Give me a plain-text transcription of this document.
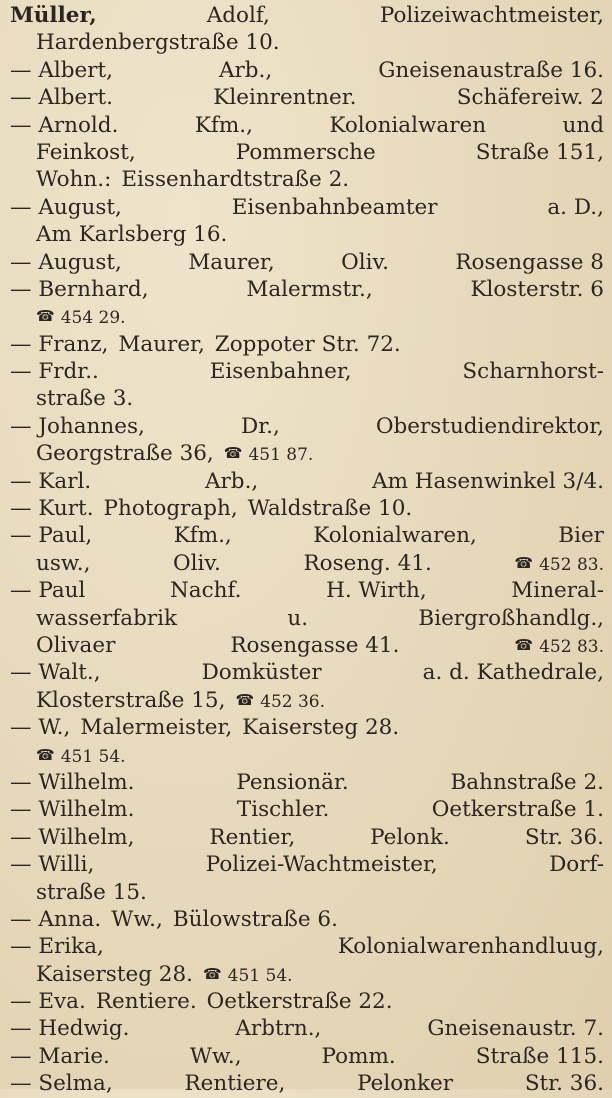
Müller,	Adolf,	Polizeiwachtmeister,
Hardenbergstraße 10.
— Albert,	Arb.,	Gneisenaustraße 16.
— Albert.	Kleinrentner.	Schäfereiw. 2
— Arnold.	Kfm.,	Kolonialwaren	und
Feinkost,	Pommersche	Straße 151,
Wohn.: Eissenhardtstraße 2.
— August,	Eisenbahnbeamter	a. D.,
Am Karlsberg 16.
— August,	Maurer,	Oliv.	Rosengasse 8
— Bernhard,	Malermstr.,	Klosterstr. 6
☎ 454 29.
— Franz, Maurer, Zoppoter Str. 72.
— Frdr..	Eisenbahner,	Scharnhorst-
straße 3.
— Johannes,	Dr.,	Oberstudiendirektor,
Georgstraße 36, ☎ 451 87.
— Karl.	Arb.,	Am Hasenwinkel 3/4.
— Kurt. Photograph, Waldstraße 10.
— Paul,	Kfm.,	Kolonialwaren,	Bier
usw.,	Oliv.	Roseng. 41.	☎ 452 83.
— Paul	Nachf.	H. Wirth,	Mineral-
wasserfabrik	u.	Biergroßhandlg.,
Olivaer	Rosengasse 41.	☎ 452 83.
— Walt.,	Domküster	a. d. Kathedrale,
Klosterstraße 15, ☎ 452 36.
— W., Malermeister, Kaisersteg 28.
☎ 451 54.
— Wilhelm.	Pensionär.	Bahnstraße 2.
— Wilhelm.	Tischler.	Oetkerstraße 1.
— Wilhelm,	Rentier,	Pelonk.	Str. 36.
— Willi,	Polizei-Wachtmeister,	Dorf-
straße 15.
— Anna. Ww., Bülowstraße 6.
— Erika,	Kolonialwarenhandluug,
Kaisersteg 28. ☎ 451 54.
— Eva. Rentiere. Oetkerstraße 22.
— Hedwig.	Arbtrn.,	Gneisenaustr. 7.
— Marie.	Ww.,	Pomm.	Straße 115.
— Selma,	Rentiere,	Pelonker	Str. 36.
